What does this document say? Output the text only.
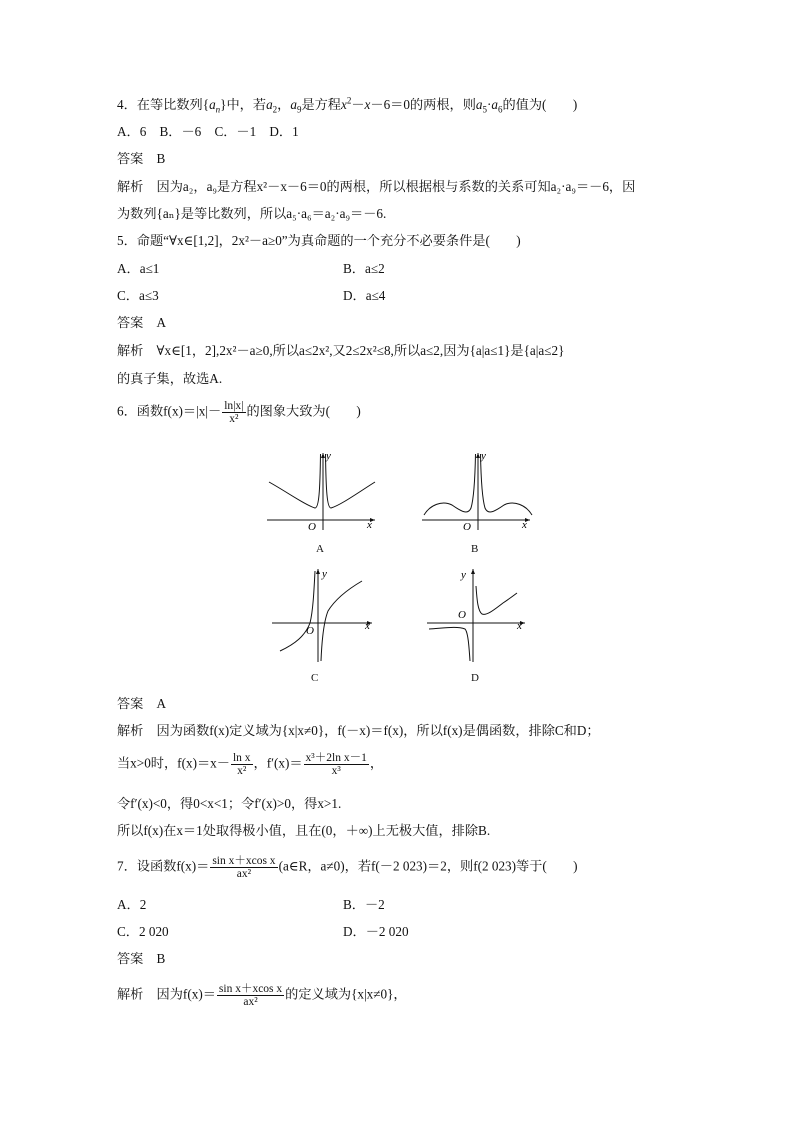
4．在等比数列$\{a_n\}$中，若$a_2$，$a_9$是方程$x^2-x-6=0$的两根，则$a_5\cdot a_6$的值为(　　)
A．6　B．－6　C．－1　D．1
答案　B
解析　因为a₂，a₉是方程x²－x－6＝0的两根，所以根据根与系数的关系可知a₂·a₉＝－6，因
为数列{aₙ}是等比数列，所以a₅·a₆＝a₂·a₉＝－6.
5．命题“∀x∈[1,2]，2x²－a≥0”为真命题的一个充分不必要条件是(　　)
A．a≤1	B．a≤2
C．a≤3	D．a≤4
答案　A
解析　∀x∈[1，2],2x²－a≥0,所以a≤2x²,又2≤2x²≤8,所以a≤2,因为{a|a≤1}是{a|a≤2}
的真子集，故选A.
6．函数$f(x)=|x|- \frac{\ln|x|}{\text{x²}}$ 的图象大致为(　　)
O	x
y
A
O	x
y
B
O	x
y
C
O
x
y
D
答案　A
解析　因为函数f(x)定义域为{x|x≠0}，f(－x)＝f(x)，所以f(x)是偶函数，排除C和D；
当x>0时，$f(x)=x- \frac{\text{ln x}}{\text{x²}}$ ，$f'(x)= \frac{\text{x³＋2ln x－1}}{\text{x³}}$ ，
令f′(x)<0，得0<x<1；令f′(x)>0，得x>1.
所以f(x)在x＝1处取得极小值，且在(0，＋∞)上无极大值，排除B.
7．设函数$f(x)= \frac{\text{sin x＋xcos x}}{\text{ax²}}$ (a∈R，a≠0)，若f(－2 023)＝2，则f(2 023)等于(　　)
A．2	B．－2
C．2 020	D．－2 020
答案　B
解析　因为$f(x)= \frac{\text{sin x＋xcos x}}{\text{ax²}}$ 的定义域为{x|x≠0}，
